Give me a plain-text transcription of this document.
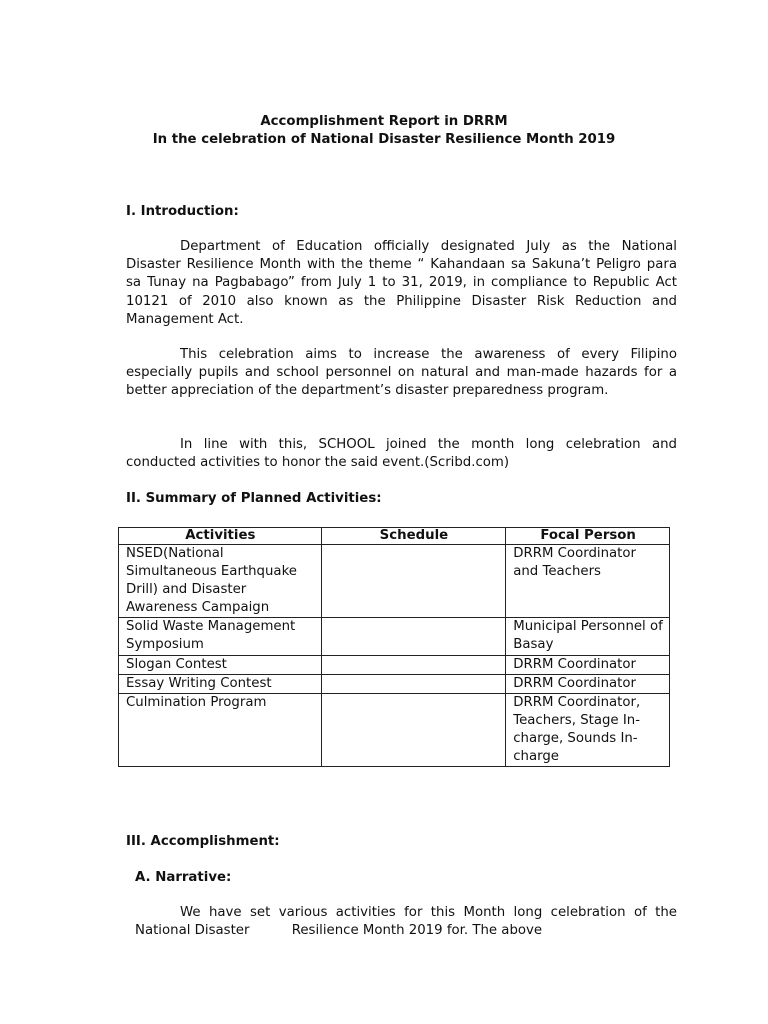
Accomplishment Report in DRRM
In the celebration of National Disaster Resilience Month 2019
I. Introduction:
Department of Education officially designated July as the National Disaster Resilience Month with the theme “ Kahandaan sa Sakuna’t Peligro para sa Tunay na Pagbabago” from July 1 to 31, 2019, in compliance to Republic Act 10121 of 2010 also known as the Philippine Disaster Risk Reduction and Management Act.
This celebration aims to increase the awareness of every Filipino especially pupils and school personnel on natural and man-made hazards for a better appreciation of the department’s disaster preparedness program.
In line with this, SCHOOL joined the month long celebration and conducted activities to honor the said event.(Scribd.com)
II. Summary of Planned Activities:
Activities	Schedule	Focal Person
NSED(National Simultaneous Earthquake Drill) and Disaster Awareness Campaign		DRRM Coordinator and Teachers
Solid Waste Management Symposium		Municipal Personnel of Basay
Slogan Contest		DRRM Coordinator
Essay Writing Contest		DRRM Coordinator
Culmination Program		DRRM Coordinator, Teachers, Stage In-charge, Sounds In-charge
III. Accomplishment:
A. Narrative:
We have set various activities for this Month long celebration of the National Disaster          Resilience Month 2019 for. The above
